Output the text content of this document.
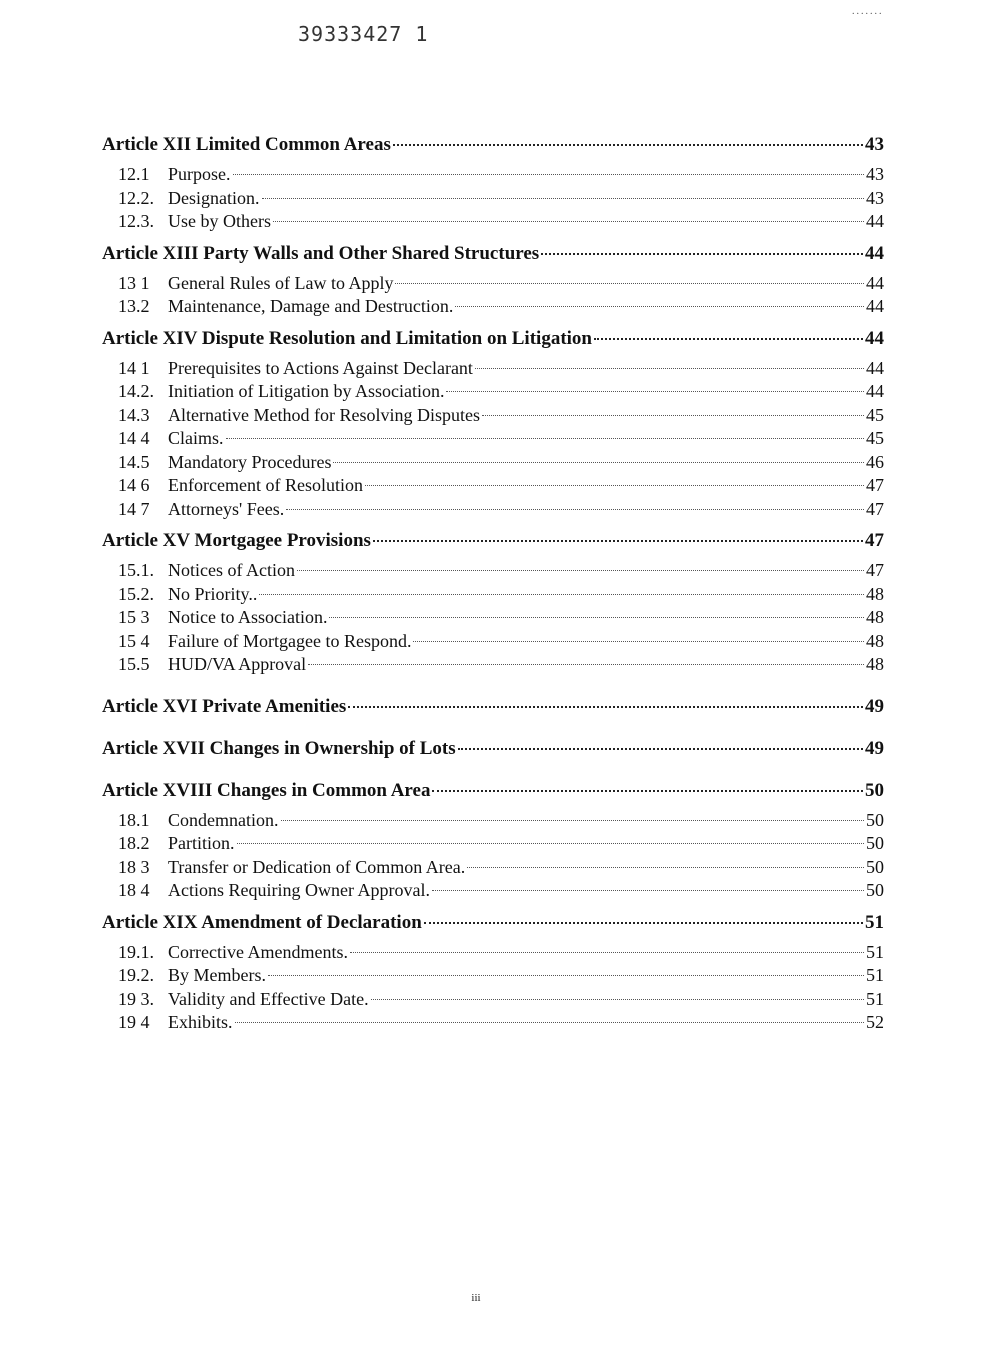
39333427 1
.......
Article XII Limited Common Areas	43
12.1	Purpose.	43
12.2. Designation.	43
12.3. Use by Others	44
Article XIII Party Walls and Other Shared Structures	44
13 1	General Rules of Law to Apply	44
13.2	Maintenance, Damage and Destruction.	44
Article XIV Dispute Resolution and Limitation on Litigation	44
14 1	Prerequisites to Actions Against Declarant	44
14.2. Initiation of Litigation by Association.	44
14.3	Alternative Method for Resolving Disputes	45
14 4	Claims.	45
14.5	Mandatory Procedures	46
14 6	Enforcement of Resolution	47
14 7	Attorneys' Fees.	47
Article XV Mortgagee Provisions	47
15.1. Notices of Action	47
15.2. No Priority..	48
15 3	Notice to Association.	48
15 4	Failure of Mortgagee to Respond.	48
15.5	HUD/VA Approval	48
Article XVI Private Amenities	49
Article XVII Changes in Ownership of Lots	49
Article XVIII Changes in Common Area	50
18.1	Condemnation.	50
18.2	Partition.	50
18 3	Transfer or Dedication of Common Area.	50
18 4	Actions Requiring Owner Approval.	50
Article XIX Amendment of Declaration	51
19.1. Corrective Amendments.	51
19.2. By Members.	51
19 3. Validity and Effective Date.	51
19 4	Exhibits.	52
iii
